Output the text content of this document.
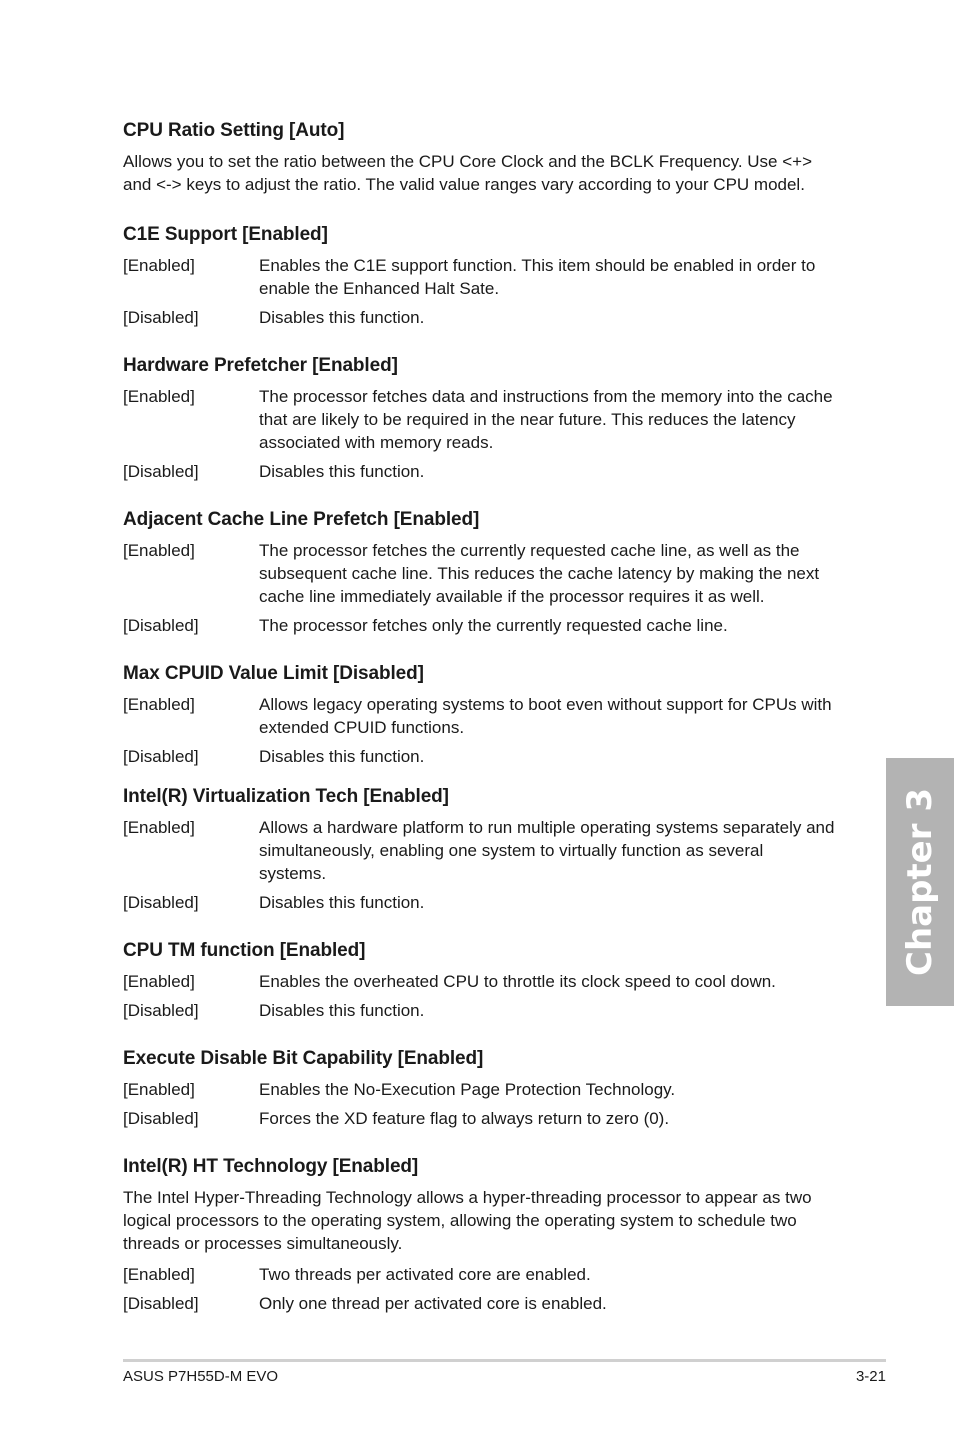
CPU Ratio Setting [Auto]
Allows you to set the ratio between the CPU Core Clock and the BCLK Frequency. Use <+> and <-> keys to adjust the ratio. The valid value ranges vary according to your CPU model.
C1E Support [Enabled]
[Enabled]	Enables the C1E support function. This item should be enabled in order to enable the Enhanced Halt Sate.
[Disabled]	Disables this function.
Hardware Prefetcher [Enabled]
[Enabled]	The processor fetches data and instructions from the memory into the cache that are likely to be required in the near future. This reduces the latency associated with memory reads.
[Disabled]	Disables this function.
Adjacent Cache Line Prefetch [Enabled]
[Enabled]	The processor fetches the currently requested cache line, as well as the subsequent cache line. This reduces the cache latency by making the next cache line immediately available if the processor requires it as well.
[Disabled]	The processor fetches only the currently requested cache line.
Max CPUID Value Limit [Disabled]
[Enabled]	Allows legacy operating systems to boot even without support for CPUs with extended CPUID functions.
[Disabled]	Disables this function.
Intel(R) Virtualization Tech [Enabled]
[Enabled]	Allows a hardware platform to run multiple operating systems separately and simultaneously, enabling one system to virtually function as several systems.
[Disabled]	Disables this function.
CPU TM function [Enabled]
[Enabled]	Enables the overheated CPU to throttle its clock speed to cool down.
[Disabled]	Disables this function.
Execute Disable Bit Capability [Enabled]
[Enabled]	Enables the No-Execution Page Protection Technology.
[Disabled]	Forces the XD feature flag to always return to zero (0).
Intel(R) HT Technology [Enabled]
The Intel Hyper-Threading Technology allows a hyper-threading processor to appear as two logical processors to the operating system, allowing the operating system to schedule two threads or processes simultaneously.
[Enabled]	Two threads per activated core are enabled.
[Disabled]	Only one thread per activated core is enabled.
Chapter 3
ASUS P7H55D-M EVO	3-21
